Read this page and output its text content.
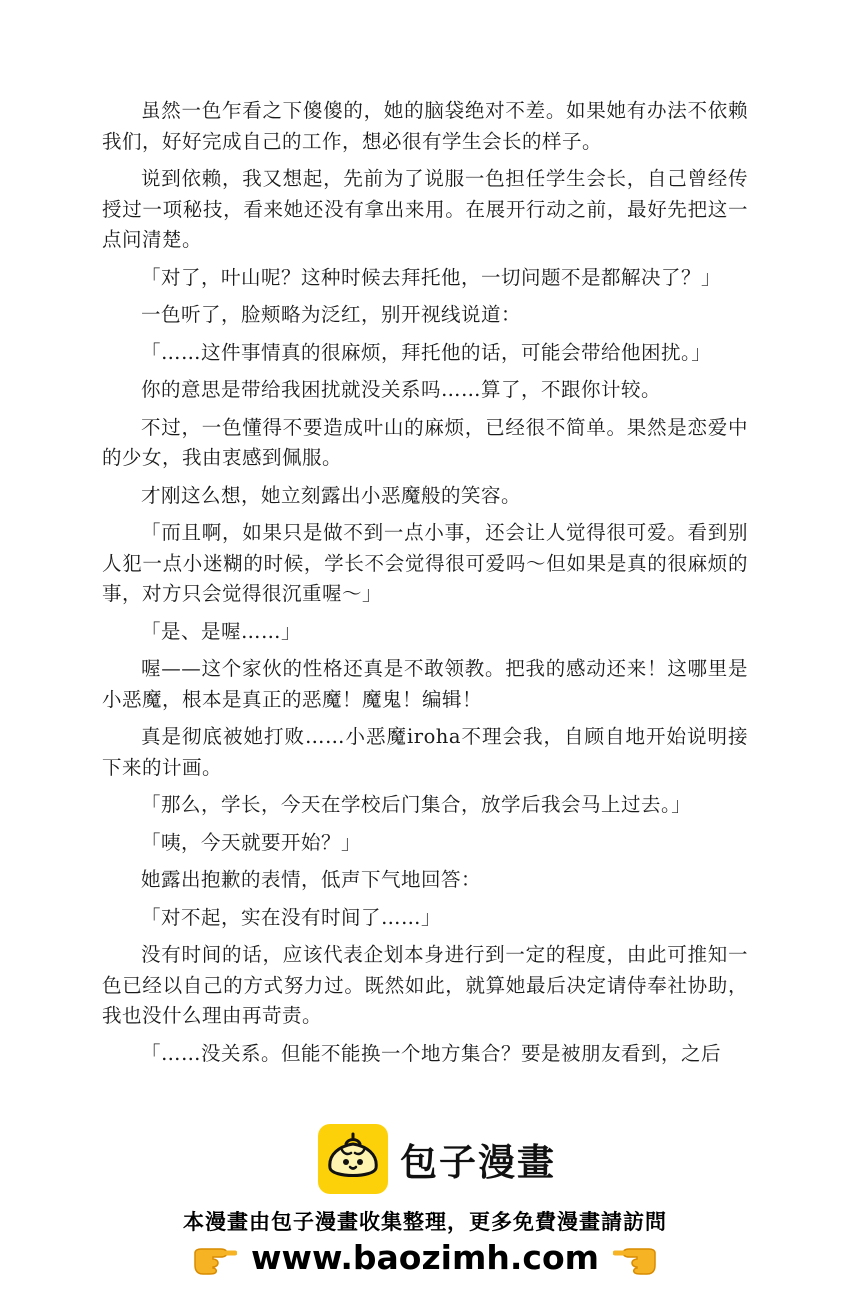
虽然一色乍看之下傻傻的，她的脑袋绝对不差。如果她有办法不依赖我们，好好完成自己的工作，想必很有学生会长的样子。

说到依赖，我又想起，先前为了说服一色担任学生会长，自己曾经传授过一项秘技，看来她还没有拿出来用。在展开行动之前，最好先把这一点问清楚。

「对了，叶山呢？这种时候去拜托他，一切问题不是都解决了？」

一色听了，脸颊略为泛红，别开视线说道：

「……这件事情真的很麻烦，拜托他的话，可能会带给他困扰。」

你的意思是带给我困扰就没关系吗……算了，不跟你计较。

不过，一色懂得不要造成叶山的麻烦，已经很不简单。果然是恋爱中的少女，我由衷感到佩服。

才刚这么想，她立刻露出小恶魔般的笑容。

「而且啊，如果只是做不到一点小事，还会让人觉得很可爱。看到别人犯一点小迷糊的时候，学长不会觉得很可爱吗～但如果是真的很麻烦的事，对方只会觉得很沉重喔～」

「是、是喔……」

喔——这个家伙的性格还真是不敢领教。把我的感动还来！这哪里是小恶魔，根本是真正的恶魔！魔鬼！编辑！

真是彻底被她打败……小恶魔iroha不理会我，自顾自地开始说明接下来的计画。

「那么，学长，今天在学校后门集合，放学后我会马上过去。」

「咦，今天就要开始？」

她露出抱歉的表情，低声下气地回答：

「对不起，实在没有时间了……」

没有时间的话，应该代表企划本身进行到一定的程度，由此可推知一色已经以自己的方式努力过。既然如此，就算她最后决定请侍奉社协助，我也没什么理由再苛责。

「……没关系。但能不能换一个地方集合？要是被朋友看到，之后

包子漫畫
本漫畫由包子漫畫收集整理，更多免費漫畫請訪問
www.baozimh.com
